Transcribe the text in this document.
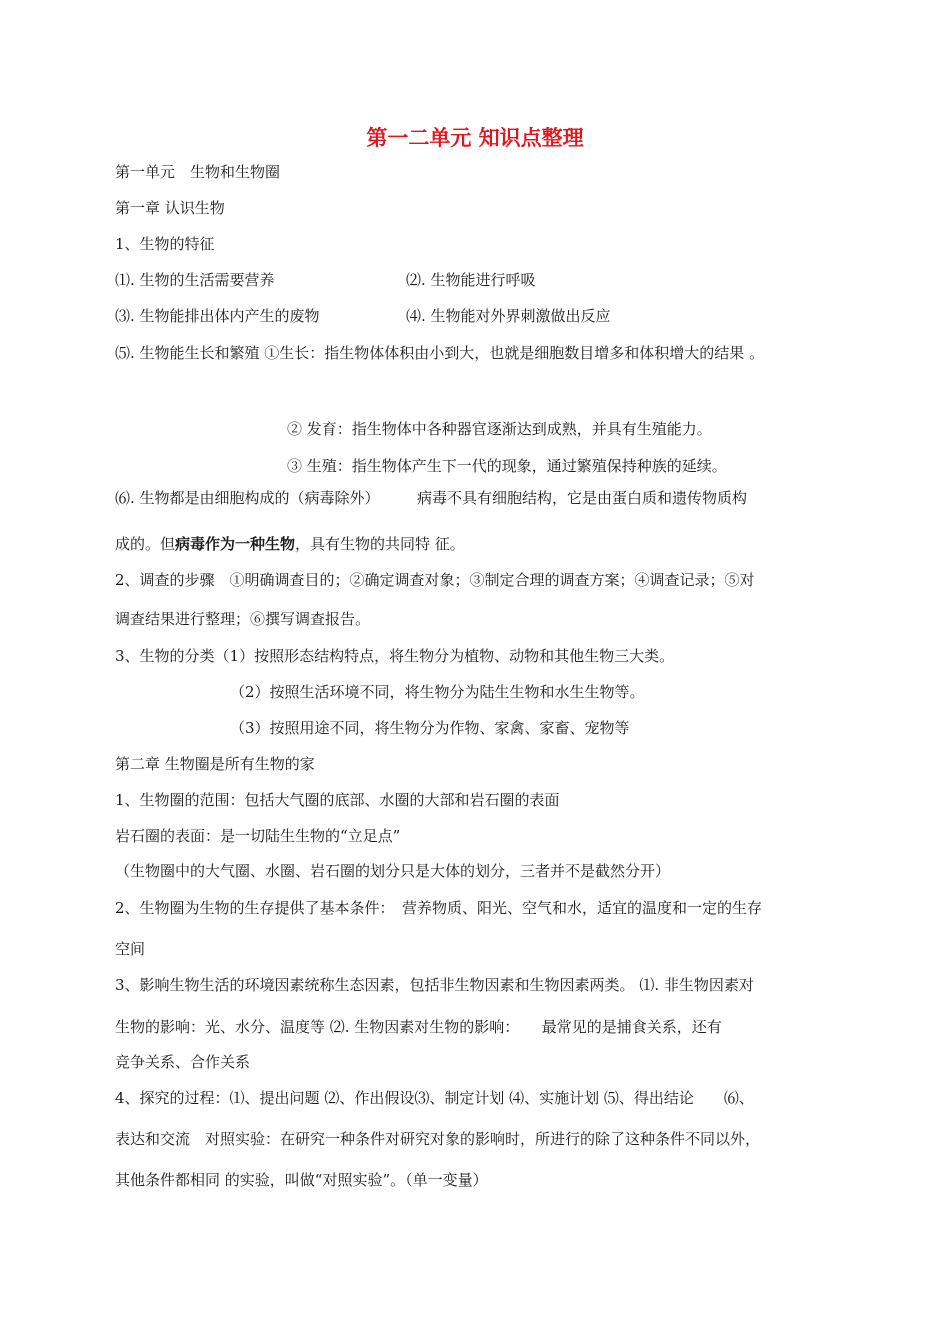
第一二单元 知识点整理
第一单元　生物和生物圈
第一章 认识生物
1、生物的特征
⑴. 生物的生活需要营养	⑵. 生物能进行呼吸
⑶. 生物能排出体内产生的废物	⑷. 生物能对外界刺激做出反应
⑸. 生物能生长和繁殖 ①生长：指生物体体积由小到大，也就是细胞数目增多和体积增大的结果 。
② 发育：指生物体中各种器官逐渐达到成熟，并具有生殖能力。
③ 生殖：指生物体产生下一代的现象，通过繁殖保持种族的延续。
⑹. 生物都是由细胞构成的（病毒除外）　　　病毒不具有细胞结构，它是由蛋白质和遗传物质构
成的。但病毒作为一种生物，具有生物的共同特 征。
2、调查的步骤　①明确调查目的；②确定调查对象；③制定合理的调查方案；④调查记录；⑤对
调查结果进行整理；⑥撰写调查报告。
3、生物的分类（1）按照形态结构特点，将生物分为植物、动物和其他生物三大类。
（2）按照生活环境不同，将生物分为陆生生物和水生生物等。
（3）按照用途不同，将生物分为作物、家禽、家畜、宠物等
第二章 生物圈是所有生物的家
1、生物圈的范围：包括大气圈的底部、水圈的大部和岩石圈的表面
岩石圈的表面：是一切陆生生物的“立足点”
（生物圈中的大气圈、水圈、岩石圈的划分只是大体的划分，三者并不是截然分开）
2、生物圈为生物的生存提供了基本条件：　营养物质、阳光、空气和水，适宜的温度和一定的生存
空间
3、影响生物生活的环境因素统称生态因素，包括非生物因素和生物因素两类。 ⑴. 非生物因素对
生物的影响：光、水分、温度等 ⑵. 生物因素对生物的影响：　　最常见的是捕食关系，还有
竞争关系、合作关系
4、探究的过程：⑴、提出问题 ⑵、作出假设⑶、制定计划 ⑷、实施计划 ⑸、得出结论　　⑹、
表达和交流　对照实验：在研究一种条件对研究对象的影响时，所进行的除了这种条件不同以外，
其他条件都相同 的实验，叫做“对照实验”。（单一变量）
